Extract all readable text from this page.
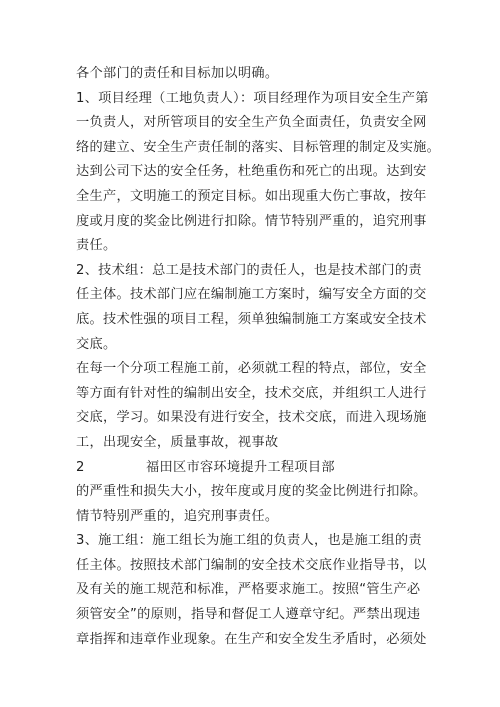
各个部门的责任和目标加以明确。
1、项目经理（工地负责人）：项目经理作为项目安全生产第
一负责人，对所管项目的安全生产负全面责任，负责安全网
络的建立、安全生产责任制的落实、目标管理的制定及实施。
达到公司下达的安全任务，杜绝重伤和死亡的出现。达到安
全生产，文明施工的预定目标。如出现重大伤亡事故，按年
度或月度的奖金比例进行扣除。情节特别严重的，追究刑事
责任。
2、技术组：总工是技术部门的责任人，也是技术部门的责
任主体。技术部门应在编制施工方案时，编写安全方面的交
底。技术性强的项目工程，须单独编制施工方案或安全技术
交底。
在每一个分项工程施工前，必须就工程的特点，部位，安全
等方面有针对性的编制出安全，技术交底，并组织工人进行
交底，学习。如果没有进行安全，技术交底，而进入现场施
工，出现安全，质量事故，视事故
2	福田区市容环境提升工程项目部
的严重性和损失大小，按年度或月度的奖金比例进行扣除。
情节特别严重的，追究刑事责任。
3、施工组：施工组长为施工组的负责人，也是施工组的责
任主体。按照技术部门编制的安全技术交底作业指导书，以
及有关的施工规范和标准，严格要求施工。按照“管生产必
须管安全”的原则，指导和督促工人遵章守纪。严禁出现违
章指挥和违章作业现象。在生产和安全发生矛盾时，必须处
